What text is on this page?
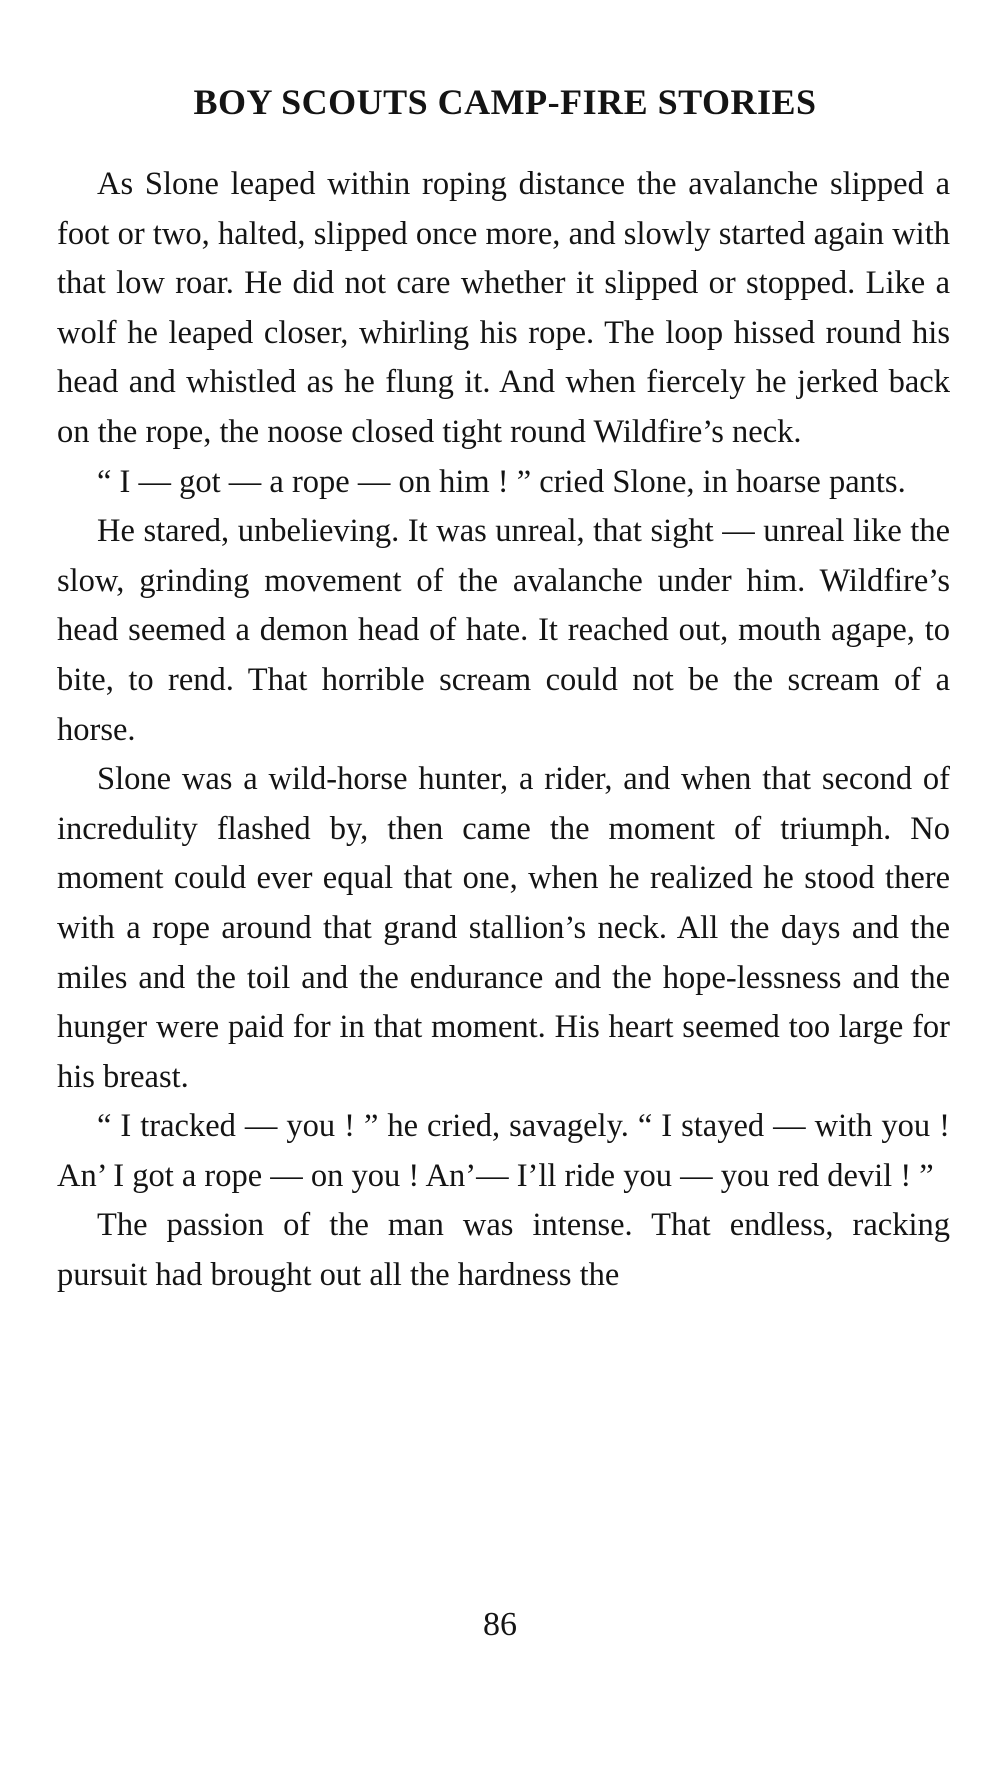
BOY SCOUTS CAMP-FIRE STORIES

As Slone leaped within roping distance the avalanche slipped a foot or two, halted, slipped once more, and slowly started again with that low roar. He did not care whether it slipped or stopped. Like a wolf he leaped closer, whirling his rope. The loop hissed round his head and whistled as he flung it. And when fiercely he jerked back on the rope, the noose closed tight round Wildfire’s neck.

“ I — got — a rope — on him ! ” cried Slone, in hoarse pants.

He stared, unbelieving. It was unreal, that sight — unreal like the slow, grinding movement of the avalanche under him. Wildfire’s head seemed a demon head of hate. It reached out, mouth agape, to bite, to rend. That horrible scream could not be the scream of a horse.

Slone was a wild-horse hunter, a rider, and when that second of incredulity flashed by, then came the moment of triumph. No moment could ever equal that one, when he realized he stood there with a rope around that grand stallion’s neck. All the days and the miles and the toil and the endurance and the hope-lessness and the hunger were paid for in that moment. His heart seemed too large for his breast.

“ I tracked — you ! ” he cried, savagely. “ I stayed — with you ! An’ I got a rope — on you ! An’— I’ll ride you — you red devil ! ”

The passion of the man was intense. That endless, racking pursuit had brought out all the hardness the

86
